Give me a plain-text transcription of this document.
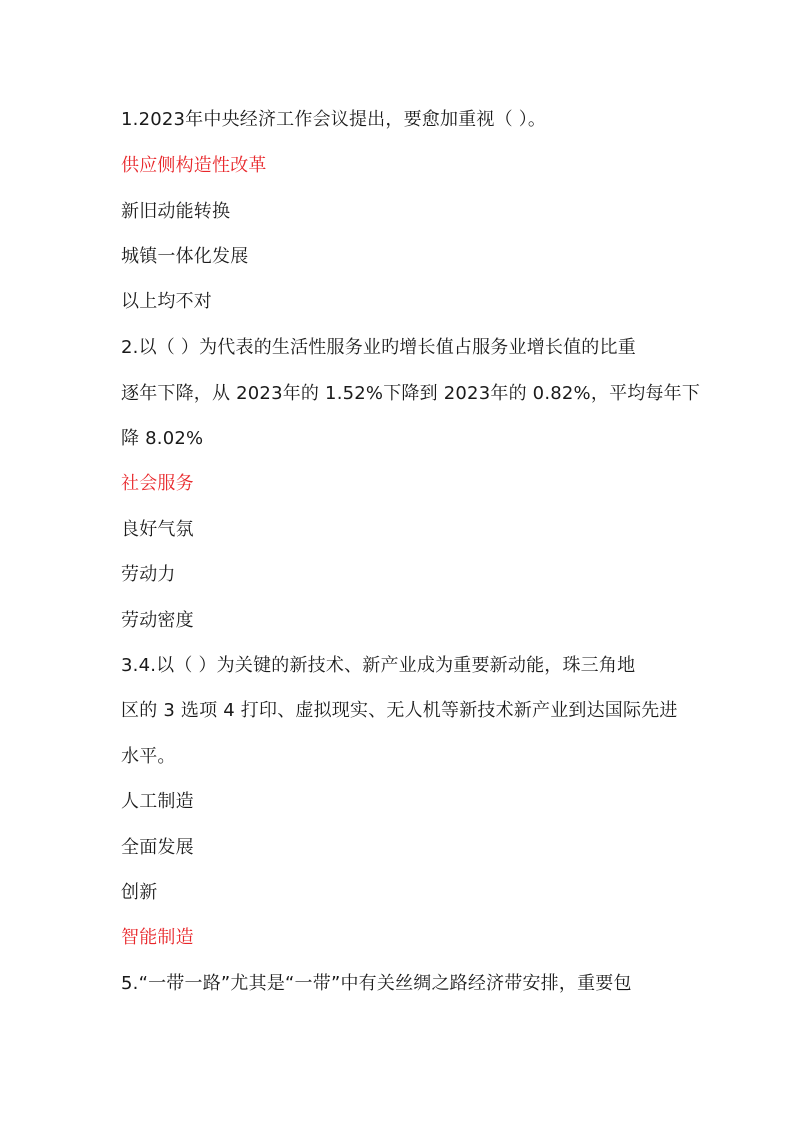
1.2023年中央经济工作会议提出，要愈加重视（ ）。
供应侧构造性改革
新旧动能转换
城镇一体化发展
以上均不对
2.以（ ）为代表的生活性服务业旳增长值占服务业增长值的比重
逐年下降，从 2023年的 1.52%下降到 2023年的 0.82%，平均每年下
降 8.02%
社会服务
良好气氛
劳动力
劳动密度
3.4.以（ ）为关键的新技术、新产业成为重要新动能，珠三角地
区的 3 选项 4 打印、虚拟现实、无人机等新技术新产业到达国际先进
水平。
人工制造
全面发展
创新
智能制造
5.“一带一路”尤其是“一带”中有关丝绸之路经济带安排，重要包
